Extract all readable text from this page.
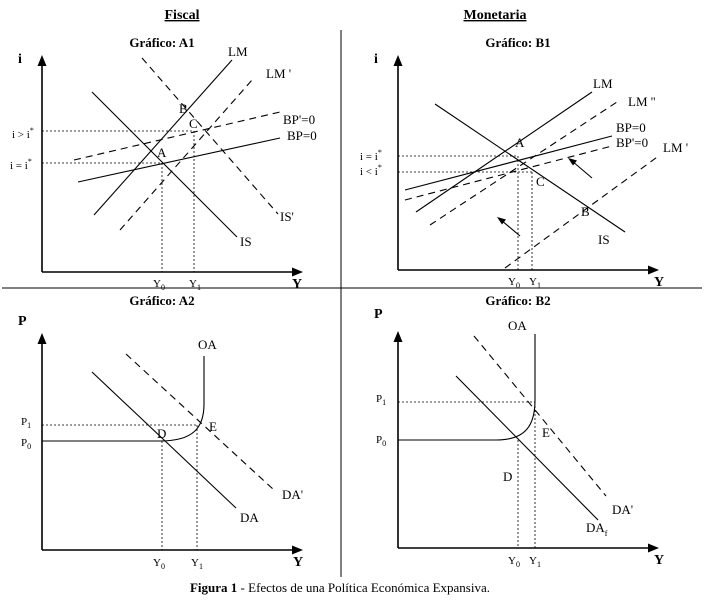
Fiscal	Monetaria
Gráfico: A1
i
Y
LM
LM '
BP'=0
BP=0
IS'
IS
B
C
A
i > i*
i = i*
$Y_0$ $Y_1$
Gráfico: B1
i
Y
LM
LM ''
BP=0
BP'=0 LM '
IS
A
C
B
i = i*
i < i*
$Y_0$ $Y_1$
Gráfico: A2
P
Y
OA
DA
DA'
D	E
$P_1$
$P_0$
$Y_0$ $Y_1$
Gráfico: B2
P
Y
OA
DA'
$DA_f$
E
D
$P_1$
$P_0$
$Y_0$ $Y_1$
Figura 1 - Efectos de una Política Económica Expansiva.
